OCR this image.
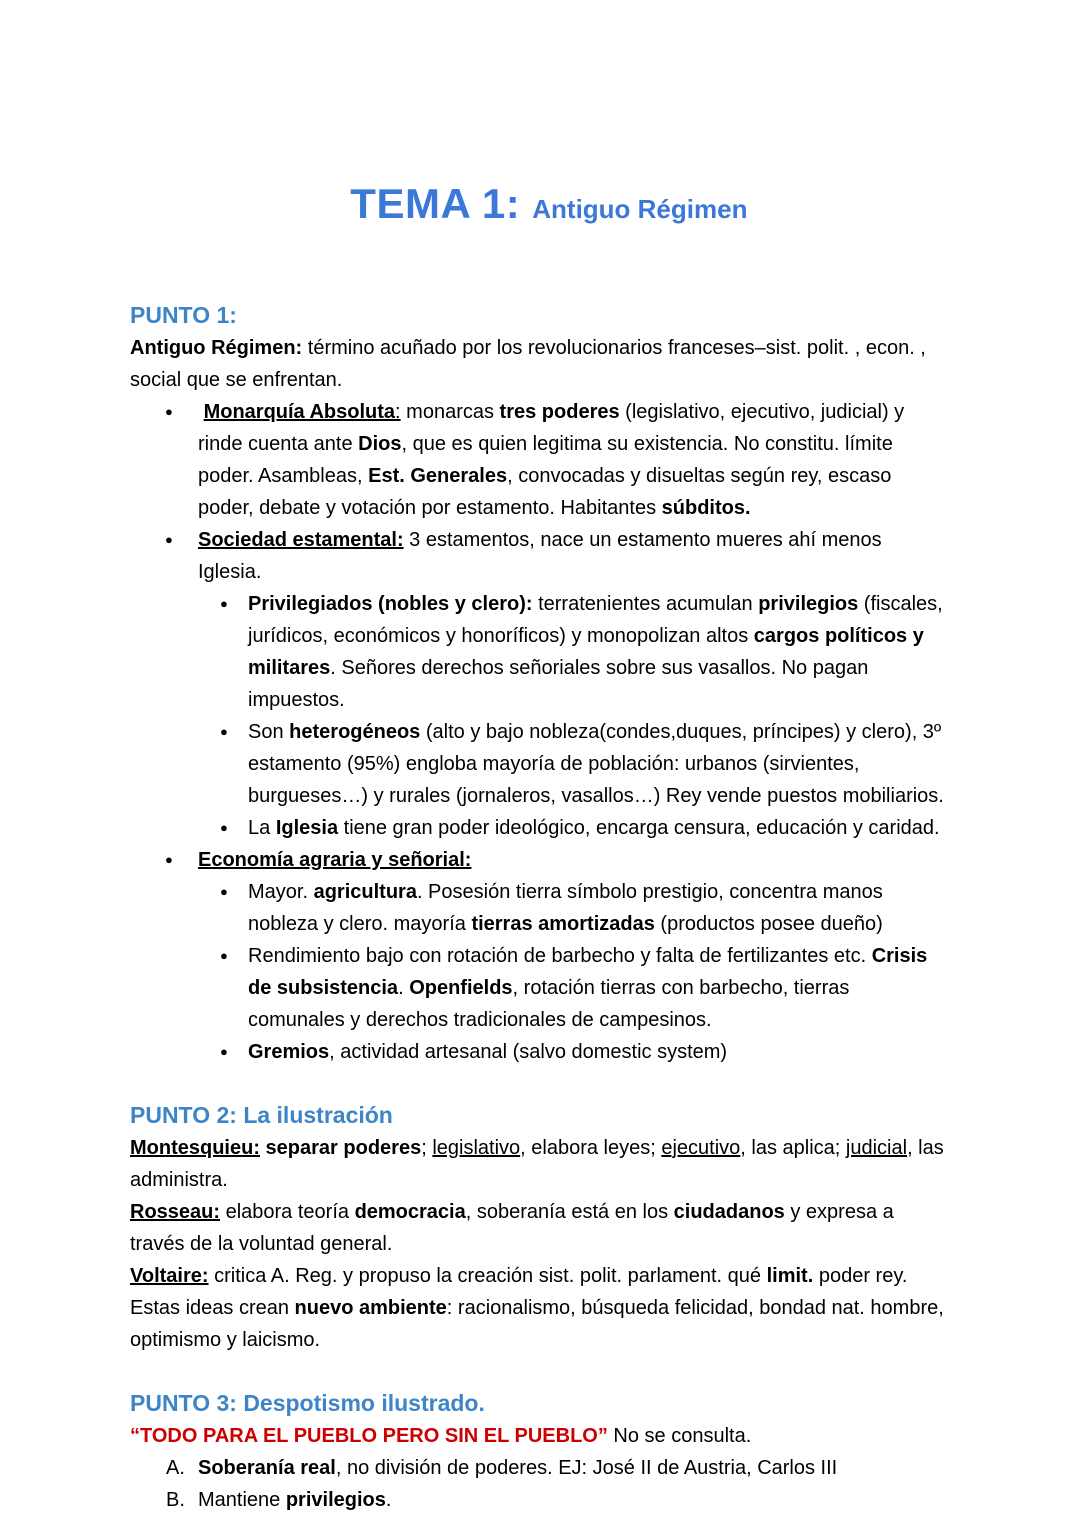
TEMA 1: Antiguo Régimen

PUNTO 1:
Antiguo Régimen: término acuñado por los revolucionarios franceses–sist. polit. , econ. , social que se enfrentan.
●	Monarquía Absoluta: monarcas tres poderes (legislativo, ejecutivo, judicial) y rinde cuenta ante Dios, que es quien legitima su existencia. No constitu. límite poder. Asambleas, Est. Generales, convocadas y disueltas según rey, escaso poder, debate y votación por estamento. Habitantes súbditos.
●	Sociedad estamental: 3 estamentos, nace un estamento mueres ahí menos Iglesia.
●	Privilegiados (nobles y clero): terratenientes acumulan privilegios (fiscales, jurídicos, económicos y honoríficos) y monopolizan altos cargos políticos y militares. Señores derechos señoriales sobre sus vasallos. No pagan impuestos.
●	Son heterogéneos (alto y bajo nobleza(condes,duques, príncipes) y clero), 3º estamento (95%) engloba mayoría de población: urbanos (sirvientes, burgueses…) y rurales (jornaleros, vasallos…) Rey vende puestos mobiliarios.
●	La Iglesia tiene gran poder ideológico, encarga censura, educación y caridad.
●	Economía agraria y señorial:
●	Mayor. agricultura. Posesión tierra símbolo prestigio, concentra manos nobleza y clero. mayoría tierras amortizadas (productos posee dueño)
●	Rendimiento bajo con rotación de barbecho y falta de fertilizantes etc. Crisis de subsistencia. Openfields, rotación tierras con barbecho, tierras comunales y derechos tradicionales de campesinos.
●	Gremios, actividad artesanal (salvo domestic system)
PUNTO 2: La ilustración
Montesquieu: separar poderes; legislativo, elabora leyes; ejecutivo, las aplica; judicial, las administra.
Rosseau: elabora teoría democracia, soberanía está en los ciudadanos y expresa a través de la voluntad general.
Voltaire: critica A. Reg. y propuso la creación sist. polit. parlament. qué limit. poder rey.
Estas ideas crean nuevo ambiente: racionalismo, búsqueda felicidad, bondad nat. hombre, optimismo y laicismo.
PUNTO 3: Despotismo ilustrado.
“TODO PARA EL PUEBLO PERO SIN EL PUEBLO” No se consulta.
A. Soberanía real, no división de poderes. EJ: José II de Austria, Carlos III
B. Mantiene privilegios.
